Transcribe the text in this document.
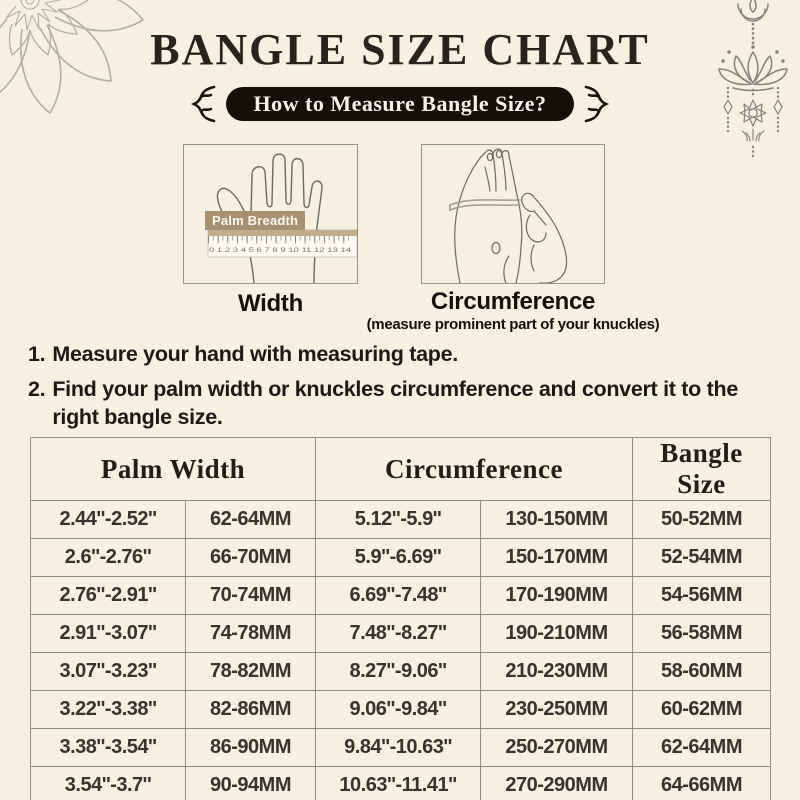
BANGLE SIZE CHART
How to Measure Bangle Size?
Palm Breadth
0 1 2 3 4 5 6 7 8 9 10 11 12 13 14
Width	Circumference
(measure prominent part of your knuckles)
1. Measure your hand with measuring tape.
2. Find your palm width or knuckles circumference and convert it to the
right bangle size.
Palm Width		Circumference		Bangle Size
2.44''-2.52''	62-64MM	5.12''-5.9''	130-150MM	50-52MM
2.6''-2.76''	66-70MM	5.9''-6.69''	150-170MM	52-54MM
2.76''-2.91''	70-74MM	6.69''-7.48''	170-190MM	54-56MM
2.91''-3.07''	74-78MM	7.48''-8.27''	190-210MM	56-58MM
3.07''-3.23''	78-82MM	8.27''-9.06''	210-230MM	58-60MM
3.22''-3.38''	82-86MM	9.06''-9.84''	230-250MM	60-62MM
3.38''-3.54''	86-90MM	9.84''-10.63''	250-270MM	62-64MM
3.54''-3.7''	90-94MM	10.63''-11.41''	270-290MM	64-66MM
